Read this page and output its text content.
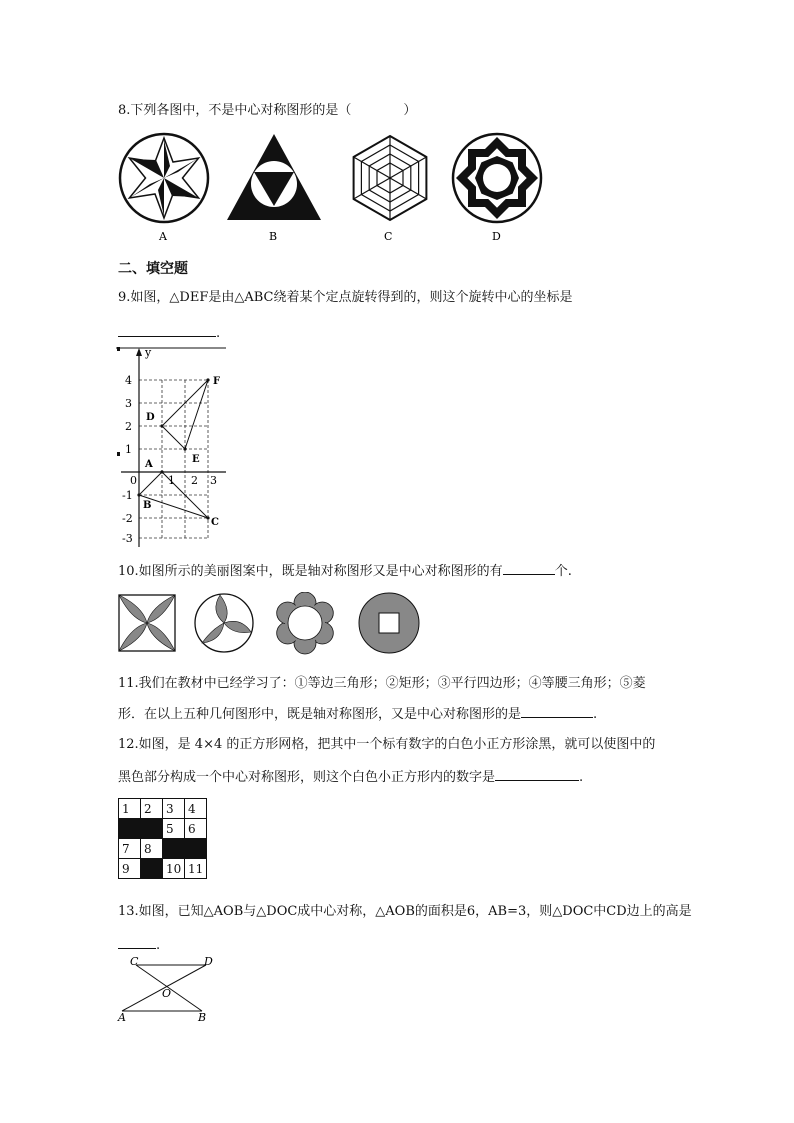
8.下列各图中，不是中心对称图形的是（　　　　）
A	B	C	D
二、填空题
9.如图，△DEF是由△ABC绕着某个定点旋转得到的，则这个旋转中心的坐标是
.
y
4
3
2
1
-1
-2
-3
0	1 2 3
D
E
F
A
B
C
10.如图所示的美丽图案中，既是轴对称图形又是中心对称图形的有	个.
11.我们在教材中已经学习了：①等边三角形；②矩形；③平行四边形；④等腰三角形；⑤菱
形．在以上五种几何图形中，既是轴对称图形，又是中心对称图形的是	.
12.如图，是 4×4 的正方形网格，把其中一个标有数字的白色小正方形涂黑，就可以使图中的
黑色部分构成一个中心对称图形，则这个白色小正方形内的数字是	.
1	2	3	4
		5	6
7	8		
9		10	11
13.如图，已知△AOB与△DOC成中心对称，△AOB的面积是6，AB=3，则△DOC中CD边上的高是
.
C	D
O
A	B
